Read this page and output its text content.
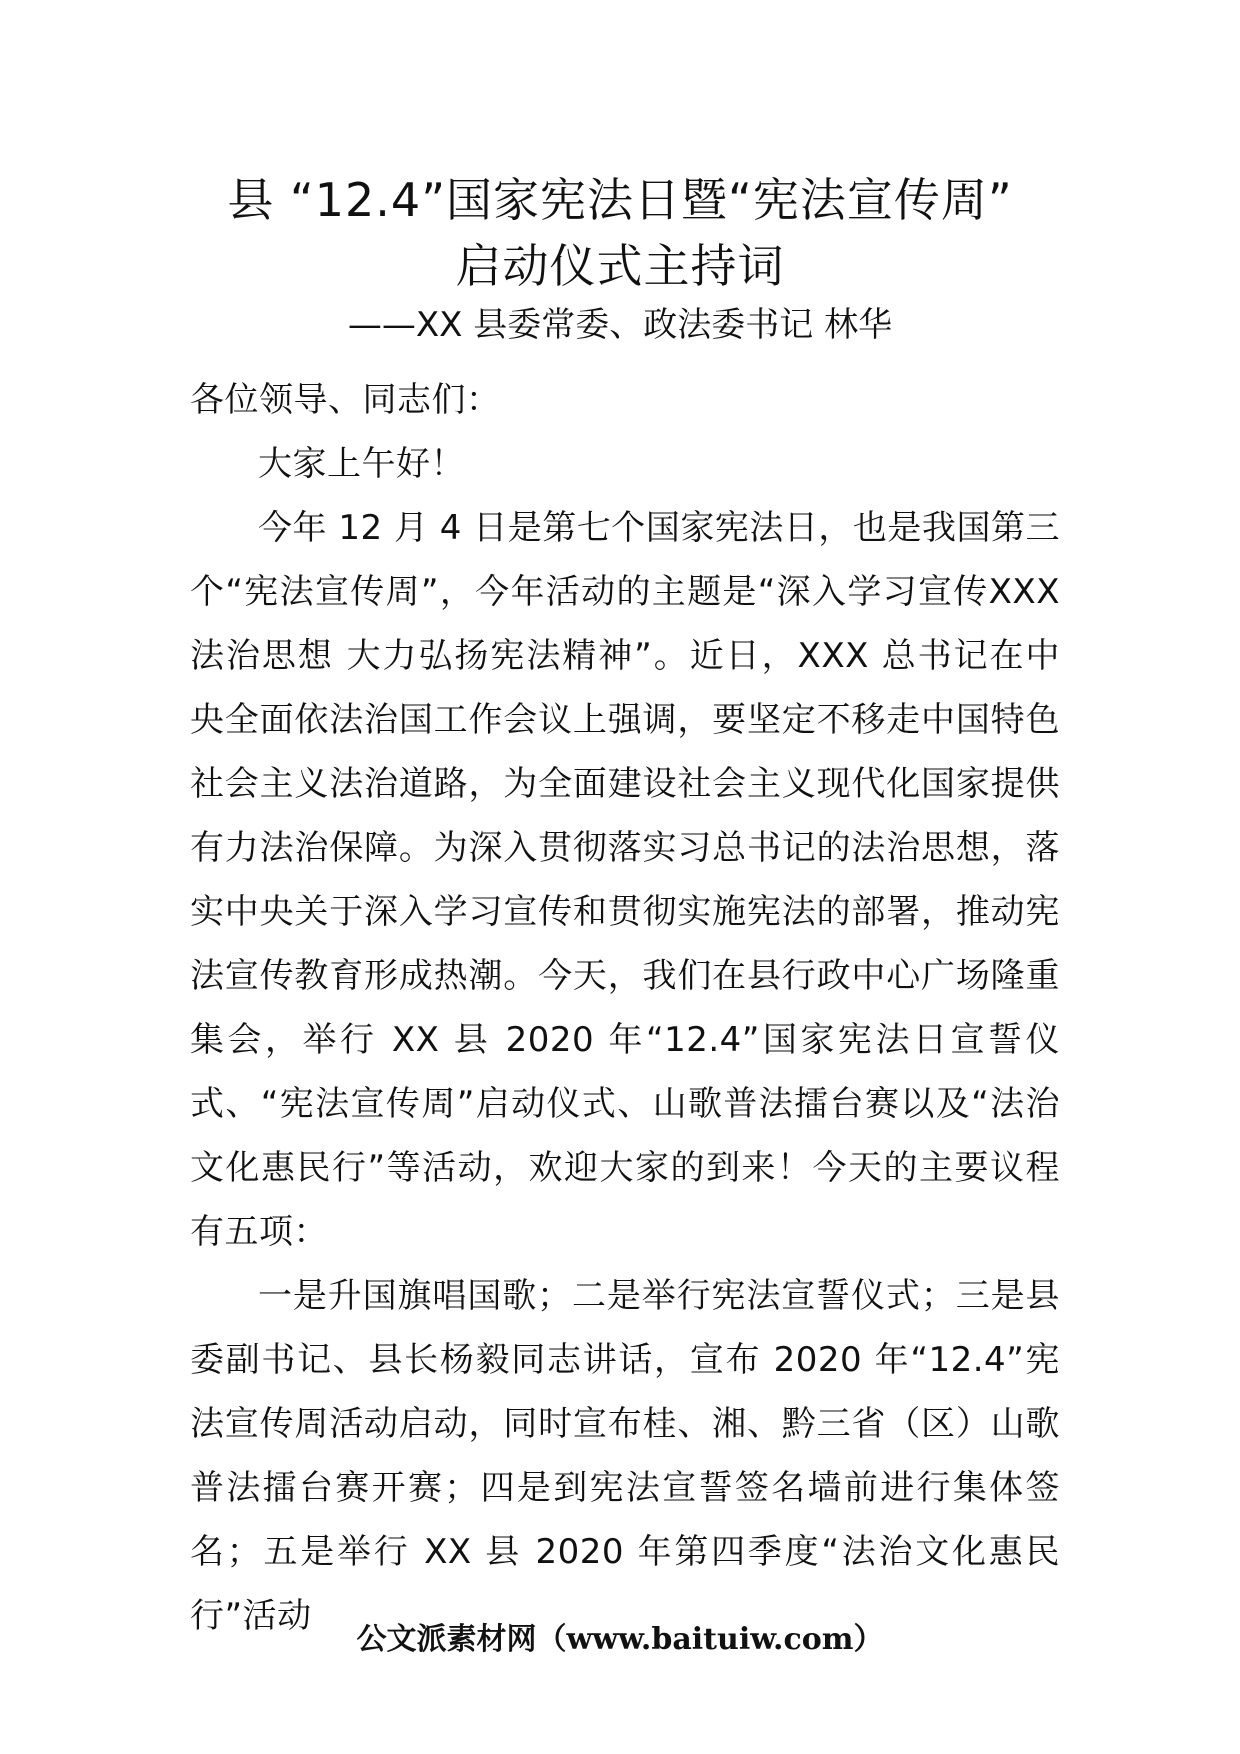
县 “12.4”国家宪法日暨“宪法宣传周”
启动仪式主持词
——XX 县委常委、政法委书记 林华

各位领导、同志们：

大家上午好！

今年 12 月 4 日是第七个国家宪法日，也是我国第三个“宪法宣传周”，今年活动的主题是“深入学习宣传XXX 法治思想 大力弘扬宪法精神”。近日，XXX 总书记在中央全面依法治国工作会议上强调，要坚定不移走中国特色社会主义法治道路，为全面建设社会主义现代化国家提供有力法治保障。为深入贯彻落实习总书记的法治思想，落实中央关于深入学习宣传和贯彻实施宪法的部署，推动宪法宣传教育形成热潮。今天，我们在县行政中心广场隆重集会，举行 XX 县 2020 年“12.4”国家宪法日宣誓仪式、“宪法宣传周”启动仪式、山歌普法擂台赛以及“法治文化惠民行”等活动，欢迎大家的到来！今天的主要议程有五项：

一是升国旗唱国歌；二是举行宪法宣誓仪式；三是县委副书记、县长杨毅同志讲话，宣布 2020 年“12.4”宪法宣传周活动启动，同时宣布桂、湘、黔三省（区）山歌普法擂台赛开赛；四是到宪法宣誓签名墙前进行集体签名；五是举行 XX 县 2020 年第四季度“法治文化惠民行”活动

公文派素材网（www.baituiw.com）
